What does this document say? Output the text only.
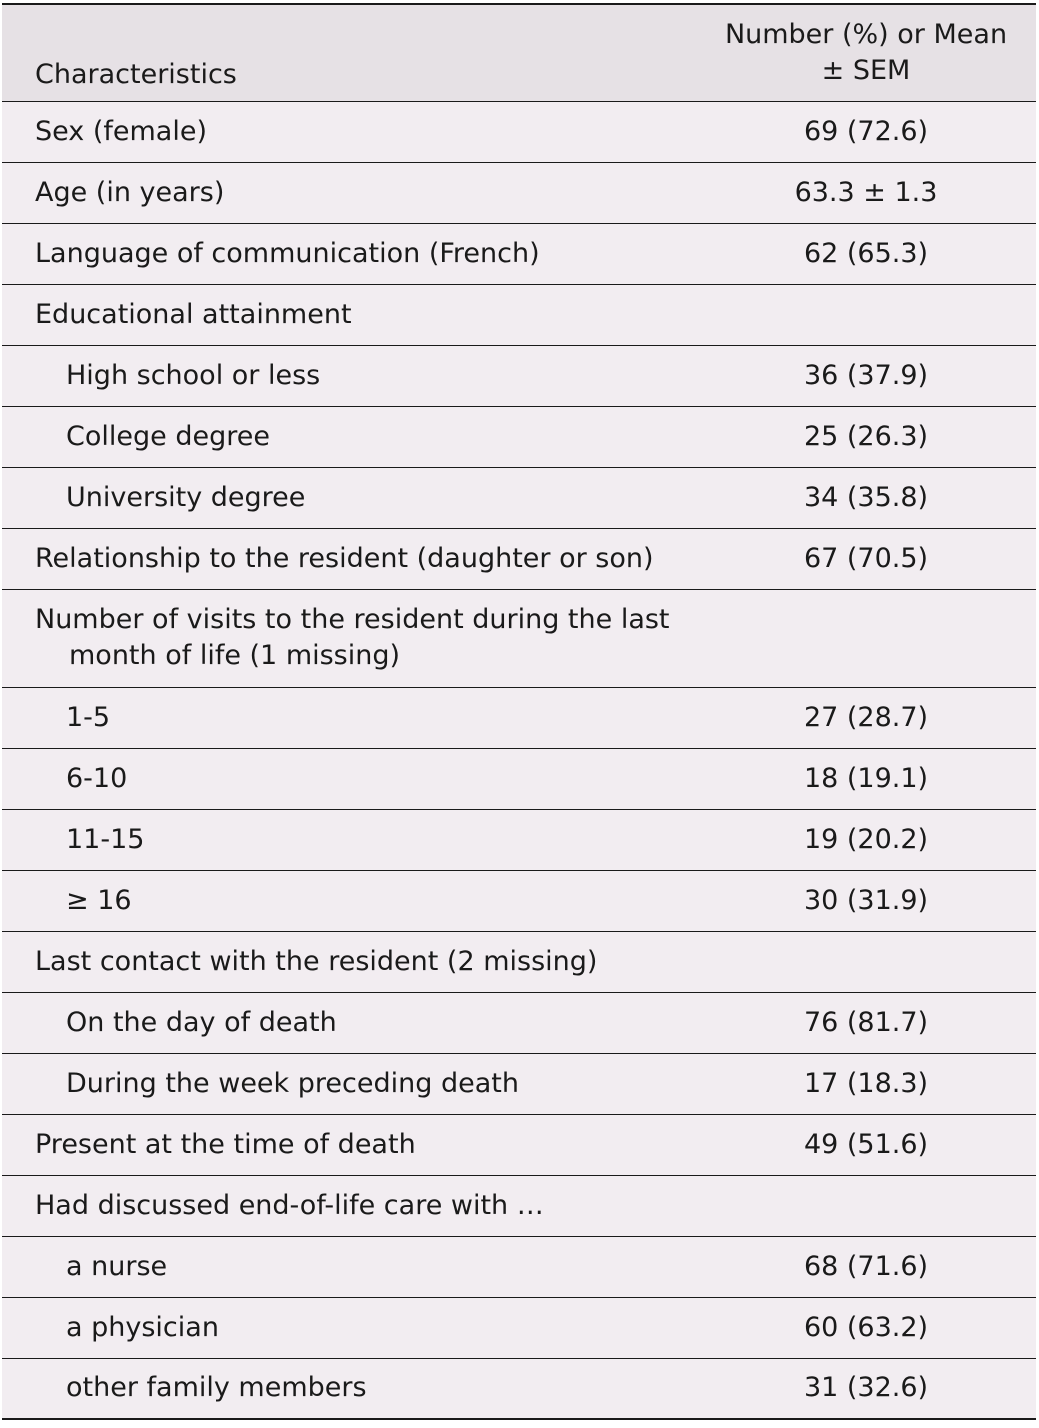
Characteristics	Number (%) or Mean
± SEM

Sex (female)	69 (72.6)
Age (in years)	63.3 ± 1.3
Language of communication (French)	62 (65.3)
Educational attainment	
High school or less	36 (37.9)
College degree	25 (26.3)
University degree	34 (35.8)
Relationship to the resident (daughter or son)	67 (70.5)

Number of visits to the resident during the last month of life (1 missing)	

1-5	27 (28.7)
6-10	18 (19.1)
11-15	19 (20.2)
≥ 16	30 (31.9)
Last contact with the resident (2 missing)	
On the day of death	76 (81.7)
During the week preceding death	17 (18.3)
Present at the time of death	49 (51.6)
Had discussed end-of-life care with …	
a nurse	68 (71.6)
a physician	60 (63.2)
other family members	31 (32.6)
